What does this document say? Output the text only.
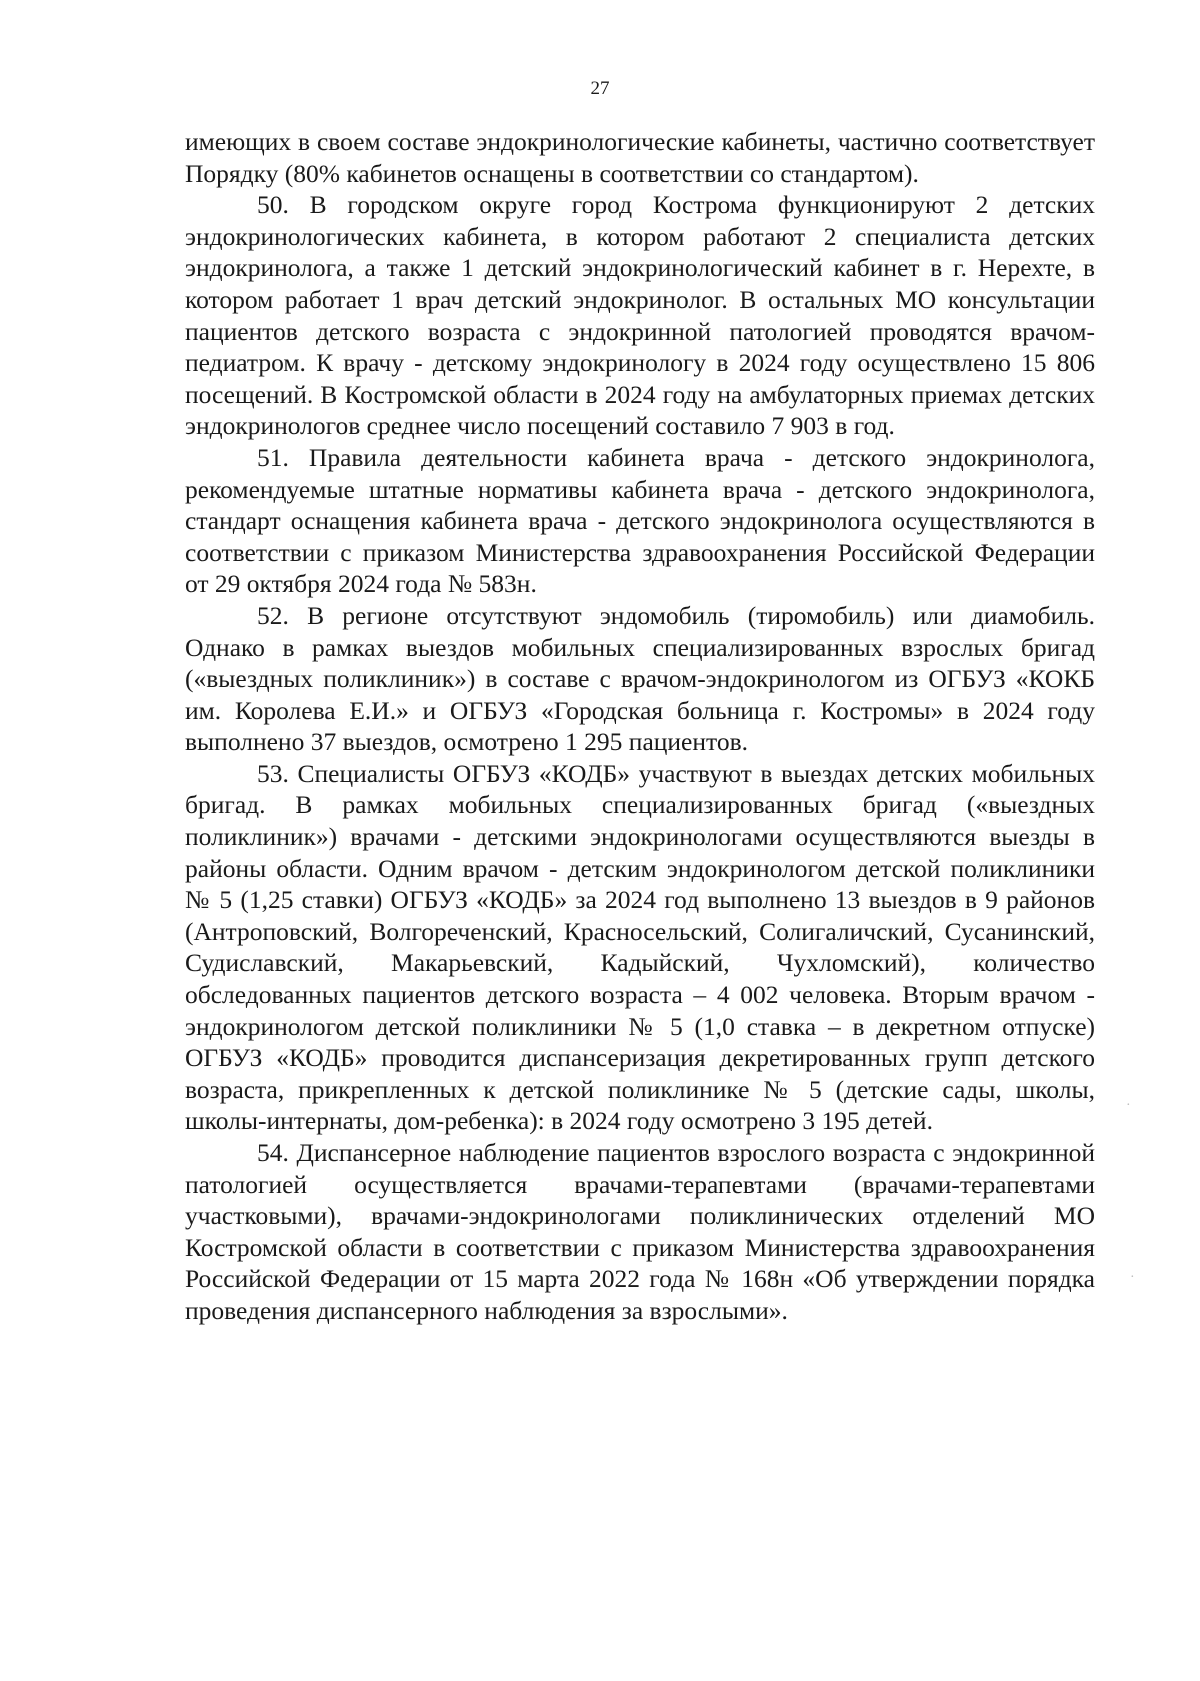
27

имеющих в своем составе эндокринологические кабинеты, частично соответствует Порядку (80% кабинетов оснащены в соответствии со стандартом).

50. В городском округе город Кострома функционируют 2 детских эндокринологических кабинета, в котором работают 2 специалиста детских эндокринолога, а также 1 детский эндокринологический кабинет в г. Нерехте, в котором работает 1 врач детский эндокринолог. В остальных МО консультации пациентов детского возраста с эндокринной патологией проводятся врачом-педиатром. К врачу - детскому эндокринологу в 2024 году осуществлено 15 806 посещений. В Костромской области в 2024 году на амбулаторных приемах детских эндокринологов среднее число посещений составило 7 903 в год.

51. Правила деятельности кабинета врача - детского эндокринолога, рекомендуемые штатные нормативы кабинета врача - детского эндокринолога, стандарт оснащения кабинета врача - детского эндокринолога осуществляются в соответствии с приказом Министерства здравоохранения Российской Федерации от 29 октября 2024 года № 583н.

52. В регионе отсутствуют эндомобиль (тиромобиль) или диамобиль. Однако в рамках выездов мобильных специализированных взрослых бригад («выездных поликлиник») в составе с врачом-эндокринологом из ОГБУЗ «КОКБ им. Королева Е.И.» и ОГБУЗ «Городская больница г. Костромы» в 2024 году выполнено 37 выездов, осмотрено 1 295 пациентов.

53. Специалисты ОГБУЗ «КОДБ» участвуют в выездах детских мобильных бригад. В рамках мобильных специализированных бригад («выездных поликлиник») врачами - детскими эндокринологами осуществляются выезды в районы области. Одним врачом - детским эндокринологом детской поликлиники № 5 (1,25 ставки) ОГБУЗ «КОДБ» за 2024 год выполнено 13 выездов в 9 районов (Антроповский, Волгореченский, Красносельский, Солигаличский, Сусанинский, Судиславский, Макарьевский, Кадыйский, Чухломский), количество обследованных пациентов детского возраста – 4 002 человека. Вторым врачом - эндокринологом детской поликлиники № 5 (1,0 ставка – в декретном отпуске) ОГБУЗ «КОДБ» проводится диспансеризация декретированных групп детского возраста, прикрепленных к детской поликлинике № 5 (детские сады, школы, школы-интернаты, дом-ребенка): в 2024 году осмотрено 3 195 детей.

54. Диспансерное наблюдение пациентов взрослого возраста с эндокринной патологией осуществляется врачами-терапевтами (врачами-терапевтами участковыми), врачами-эндокринологами поликлинических отделений МО Костромской области в соответствии с приказом Министерства здравоохранения Российской Федерации от 15 марта 2022 года № 168н «Об утверждении порядка проведения диспансерного наблюдения за взрослыми».

·
·
